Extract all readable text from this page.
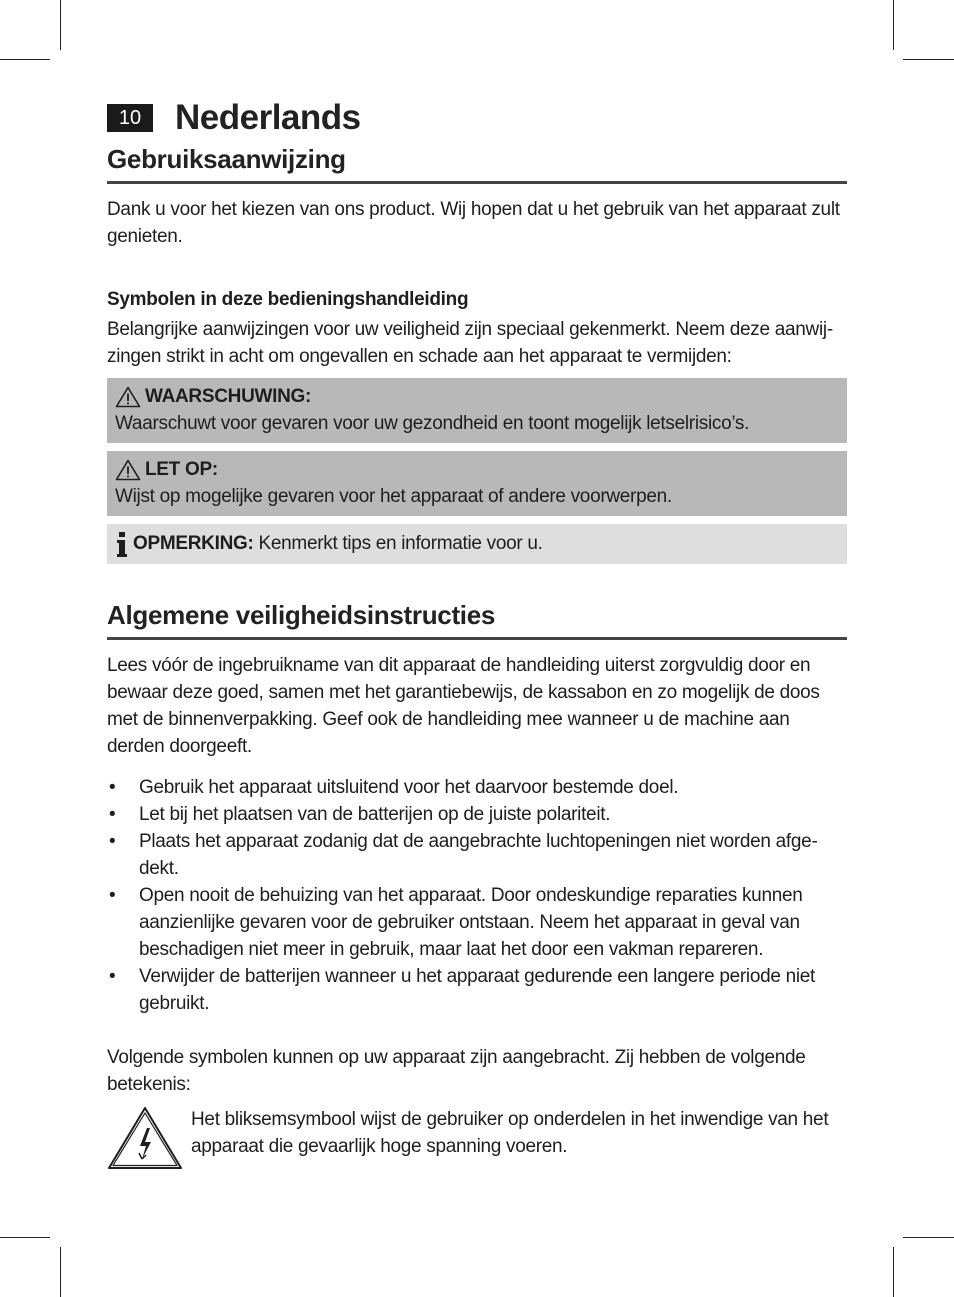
10 Nederlands
Gebruiksaanwijzing

Dank u voor het kiezen van ons product. Wij hopen dat u het gebruik van het apparaat zult genieten.

Symbolen in deze bedieningshandleiding

Belangrijke aanwijzingen voor uw veiligheid zijn speciaal gekenmerkt. Neem deze aanwij-zingen strikt in acht om ongevallen en schade aan het apparaat te vermijden:

WAARSCHUWING:
Waarschuwt voor gevaren voor uw gezondheid en toont mogelijk letselrisico’s.
LET OP:
Wijst op mogelijke gevaren voor het apparaat of andere voorwerpen.
OPMERKING: Kenmerkt tips en informatie voor u.
Algemene veiligheidsinstructies

Lees vóór de ingebruikname van dit apparaat de handleiding uiterst zorgvuldig door en bewaar deze goed, samen met het garantiebewijs, de kassabon en zo mogelijk de doos met de binnenverpakking. Geef ook de handleiding mee wanneer u de machine aan derden doorgeeft.

• Gebruik het apparaat uitsluitend voor het daarvoor bestemde doel.
• Let bij het plaatsen van de batterijen op de juiste polariteit.
• Plaats het apparaat zodanig dat de aangebrachte luchtopeningen niet worden afge-dekt.
• Open nooit de behuizing van het apparaat. Door ondeskundige reparaties kunnen aanzienlijke gevaren voor de gebruiker ontstaan. Neem het apparaat in geval van beschadigen niet meer in gebruik, maar laat het door een vakman repareren.
• Verwijder de batterijen wanneer u het apparaat gedurende een langere periode niet gebruikt.

Volgende symbolen kunnen op uw apparaat zijn aangebracht. Zij hebben de volgende betekenis:

Het bliksemsymbool wijst de gebruiker op onderdelen in het inwendige van het apparaat die gevaarlijk hoge spanning voeren.
